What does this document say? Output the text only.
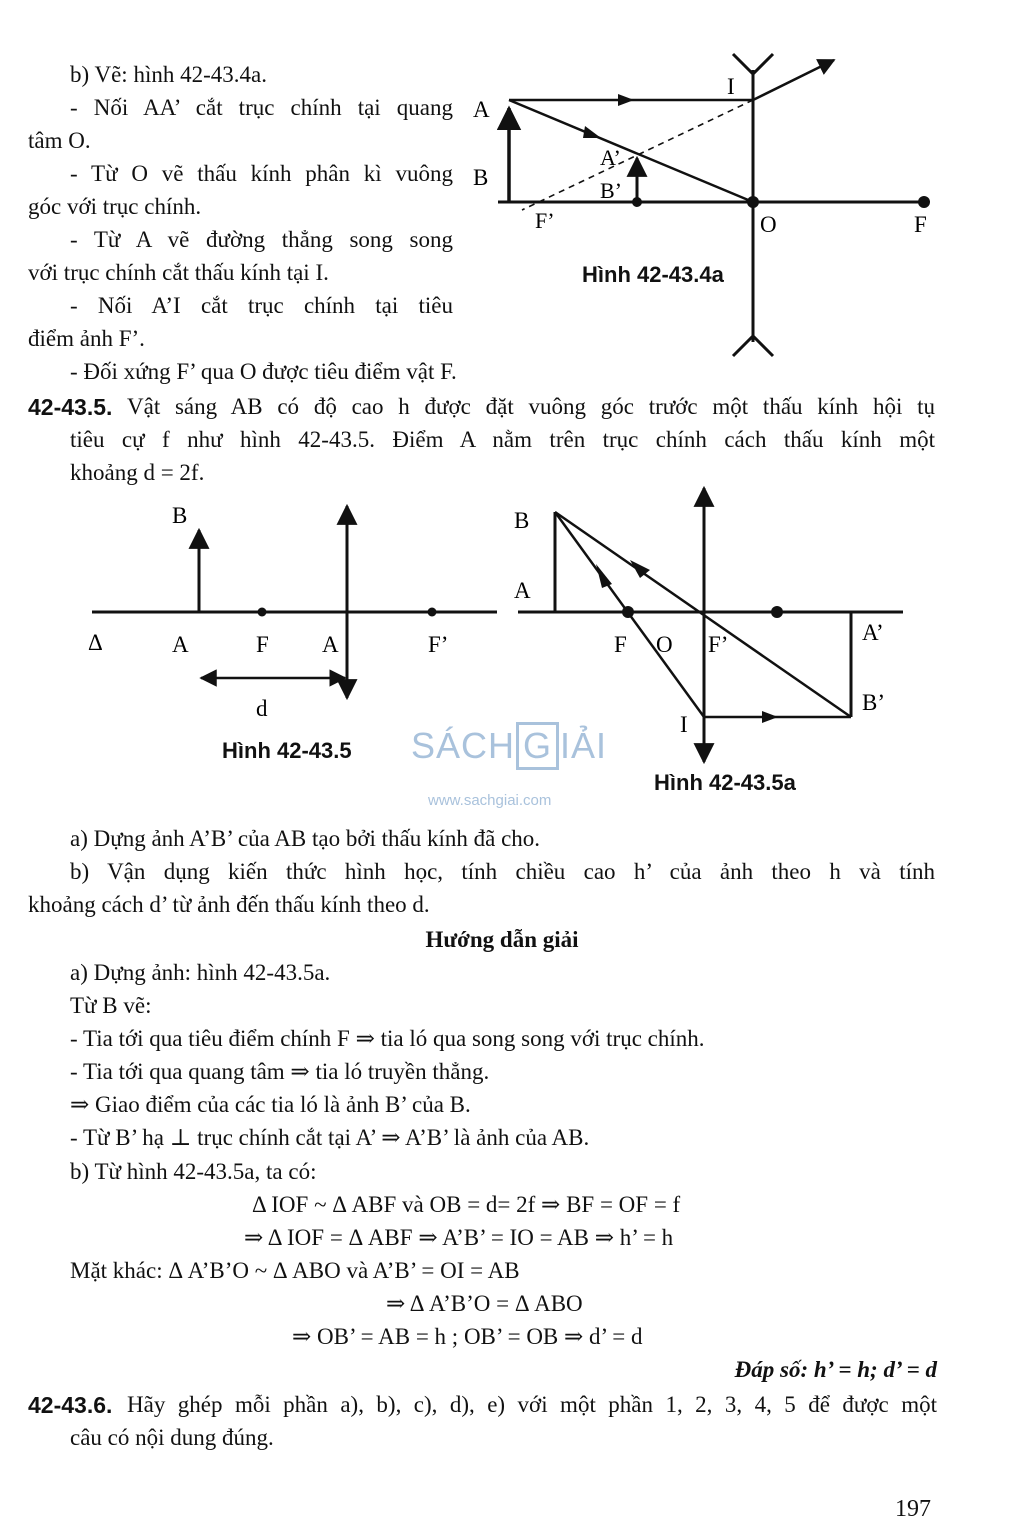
b) Vẽ: hình 42-43.4a.
- Nối AA’ cắt trục chính tại quang
tâm O.
- Từ O vẽ thấu kính phân kì vuông
góc với trục chính.
- Từ A vẽ đường thẳng song song
với trục chính cắt thấu kính tại I.
- Nối A’I cắt trục chính tại tiêu
điểm ảnh F’.
- Đối xứng F’ qua O được tiêu điểm vật F.
A
B
I
A’
B’
F’	O	F
Hình 42-43.4a
42-43.5. Vật sáng AB có độ cao h được đặt vuông góc trước một thấu kính hội tụ
tiêu cự f như hình 42-43.5. Điểm A nằm trên trục chính cách thấu kính một
khoảng d = 2f.
B
Δ	A	F A	F’
d
Hình 42-43.5 SÁCH G IẢI
www.sachgiai.com
B
A
F O F’	A’
B’
I
Hình 42-43.5a
a) Dựng ảnh A’B’ của AB tạo bởi thấu kính đã cho.
b) Vận dụng kiến thức hình học, tính chiều cao h’ của ảnh theo h và tính
khoảng cách d’ từ ảnh đến thấu kính theo d.
Hướng dẫn giải
a) Dựng ảnh: hình 42-43.5a.
Từ B vẽ:
- Tia tới qua tiêu điểm chính F ⇒ tia ló qua song song với trục chính.
- Tia tới qua quang tâm ⇒ tia ló truyền thẳng.
⇒ Giao điểm của các tia ló là ảnh B’ của B.
- Từ B’ hạ ⊥ trục chính cắt tại A’ ⇒ A’B’ là ảnh của AB.
b) Từ hình 42-43.5a, ta có:
Δ IOF ~ Δ ABF và OB = d= 2f ⇒ BF = OF = f
⇒ Δ IOF = Δ ABF ⇒ A’B’ = IO = AB ⇒ h’ = h
Mặt khác: Δ A’B’O ~ Δ ABO và A’B’ = OI = AB
⇒ Δ A’B’O = Δ ABO
⇒ OB’ = AB = h ; OB’ = OB ⇒ d’ = d
Đáp số: h’ = h; d’ = d
42-43.6. Hãy ghép mỗi phần a), b), c), d), e) với một phần 1, 2, 3, 4, 5 để được một
câu có nội dung đúng.
197
